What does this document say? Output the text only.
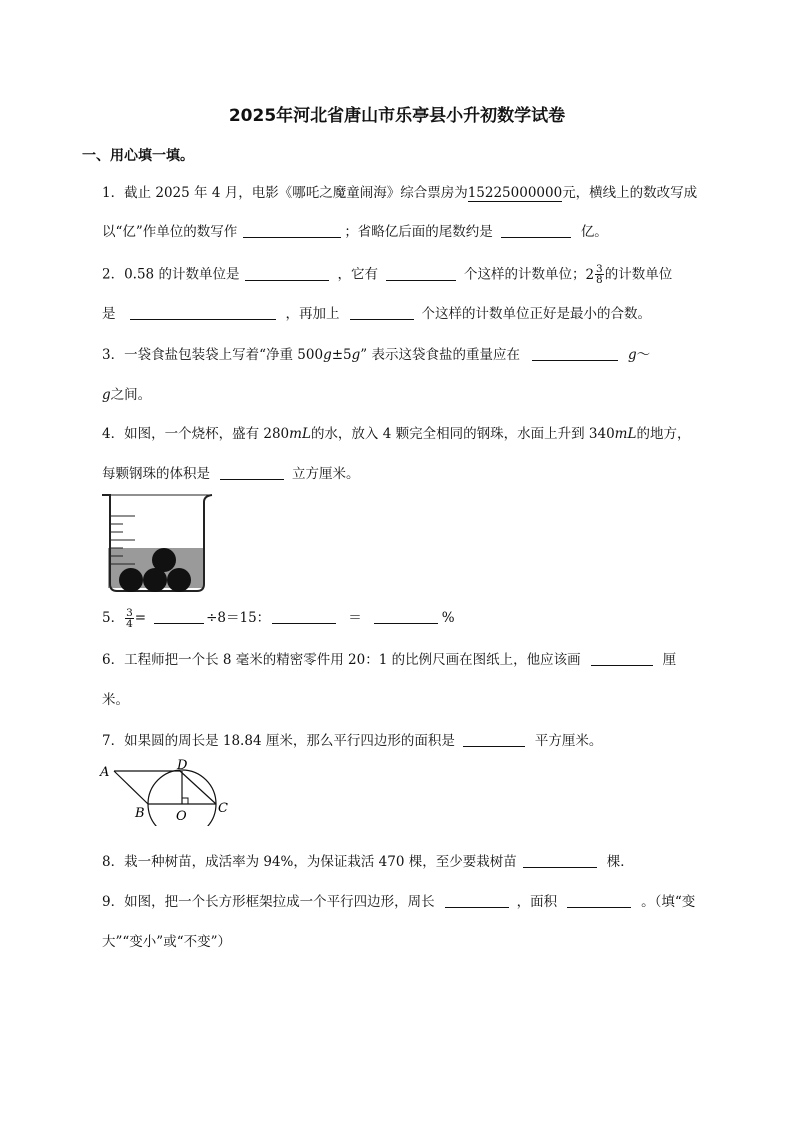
2025年河北省唐山市乐亭县小升初数学试卷
一、用心填一填。
1．截止 2025 年 4 月，电影《哪吒之魔童闹海》综合票房为15225000000元，横线上的数改写成
以“亿”作单位的数写作	；省略亿后面的尾数约是	亿。
2．0.58 的计数单位是	，它有	个这样的计数单位； $2 \frac{3}{8}$ 的计数单位
是	，再加上	个这样的计数单位正好是最小的合数。
3．一袋食盐包装袋上写着“净重 500g±5g” 表示这袋食盐的重量应在	g～
g之间。
4．如图，一个烧杯，盛有 280mL的水，放入 4 颗完全相同的钢珠，水面上升到 340mL的地方，
每颗钢珠的体积是	立方厘米。
5． $\frac{3}{4}$ =	÷8＝15：	＝	%
6．工程师把一个长 8 毫米的精密零件用 20：1 的比例尺画在图纸上，他应该画	厘
米。
7．如果圆的周长是 18.84 厘米，那么平行四边形的面积是	平方厘米。
A	D
B	C
O
8．栽一种树苗，成活率为 94%，为保证栽活 470 棵，至少要栽树苗	棵．
9．如图，把一个长方形框架拉成一个平行四边形，周长	，面积	。（填“变
大”“变小”或“不变”）
